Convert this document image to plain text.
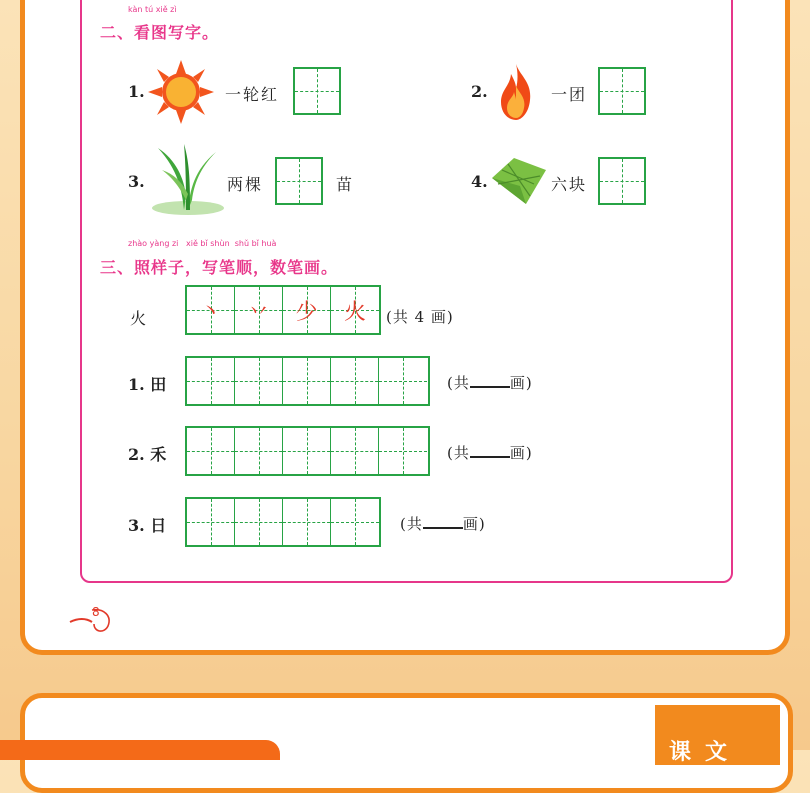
kàn tú xiě zì
二、看图写字。
1.	一轮红	2.	一团
3.	两棵	苗	4.	六块
zhào yàng zi   xiě bǐ shùn  shǔ bǐ huà
三、照样子，写笔顺，数笔画。
火	丶	丷	少	火	(共 4 画)
1. 田	(共	画)
2. 禾	(共	画)
3. 日	(共	画)
8
课文
